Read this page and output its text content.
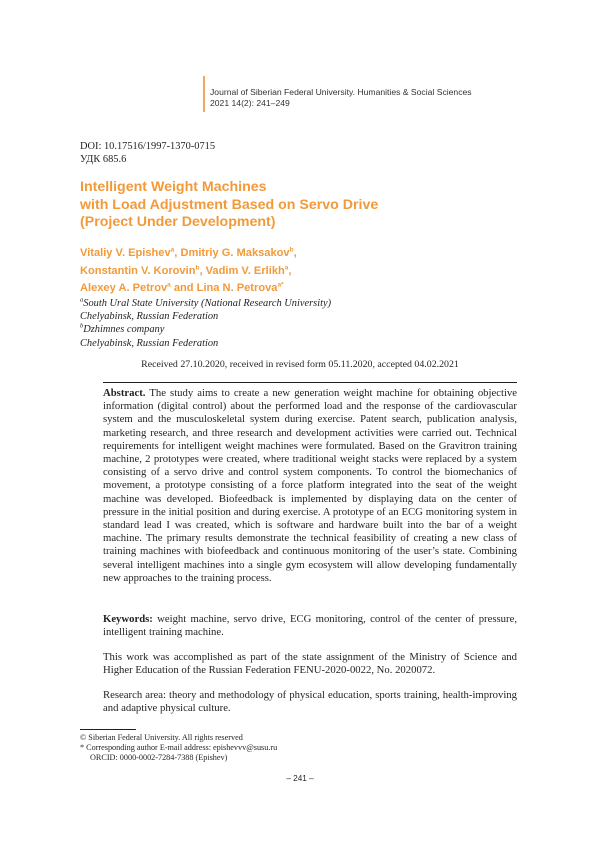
Journal of Siberian Federal University. Humanities & Social Sciences
2021 14(2): 241–249
DOI: 10.17516/1997-1370-0715
УДК 685.6
Intelligent Weight Machines
with Load Adjustment Based on Servo Drive
(Project Under Development)
Vitaliy V. Epishev$^a$, Dmitriy G. Maksakov$^b$,
Konstantin V. Korovin$^b$, Vadim V. Erlikh$^a$,
Alexey A. Petrov$^a$ and Lina N. Petrova$^{a*}$
$^a$South Ural State University (National Research University)
Chelyabinsk, Russian Federation
$^b$Dzhimnes company
Chelyabinsk, Russian Federation
Received 27.10.2020, received in revised form 05.11.2020, accepted 04.02.2021

Abstract. The study aims to create a new generation weight machine for obtaining objective information (digital control) about the performed load and the response of the cardiovascular system and the musculoskeletal system during exercise. Patent search, publication analysis, marketing research, and three research and development activities were carried out. Technical requirements for intelligent weight machines were formulated. Based on the Gravitron training machine, 2 prototypes were created, where traditional weight stacks were replaced by a system consisting of a servo drive and control system components. To control the biomechanics of movement, a prototype consisting of a force platform integrated into the seat of the weight machine was developed. Biofeedback is implemented by displaying data on the center of pressure in the initial position and during exercise. A prototype of an ECG monitoring system in standard lead I was created, which is software and hardware built into the bar of a weight machine. The primary results demonstrate the technical feasibility of creating a new class of training machines with biofeedback and continuous monitoring of the user’s state. Combining several intelligent machines into a single gym ecosystem will allow developing fundamentally new approaches to the training process.

Keywords: weight machine, servo drive, ECG monitoring, control of the center of pressure, intelligent training machine.

This work was accomplished as part of the state assignment of the Ministry of Science and Higher Education of the Russian Federation FENU-2020-0022, No. 2020072.

Research area: theory and methodology of physical education, sports training, health-improving and adaptive physical culture.

© Siberian Federal University. All rights reserved
* Corresponding author E-mail address: epishevvv@susu.ru
ORCID: 0000-0002-7284-7388 (Epishev)
– 241 –
